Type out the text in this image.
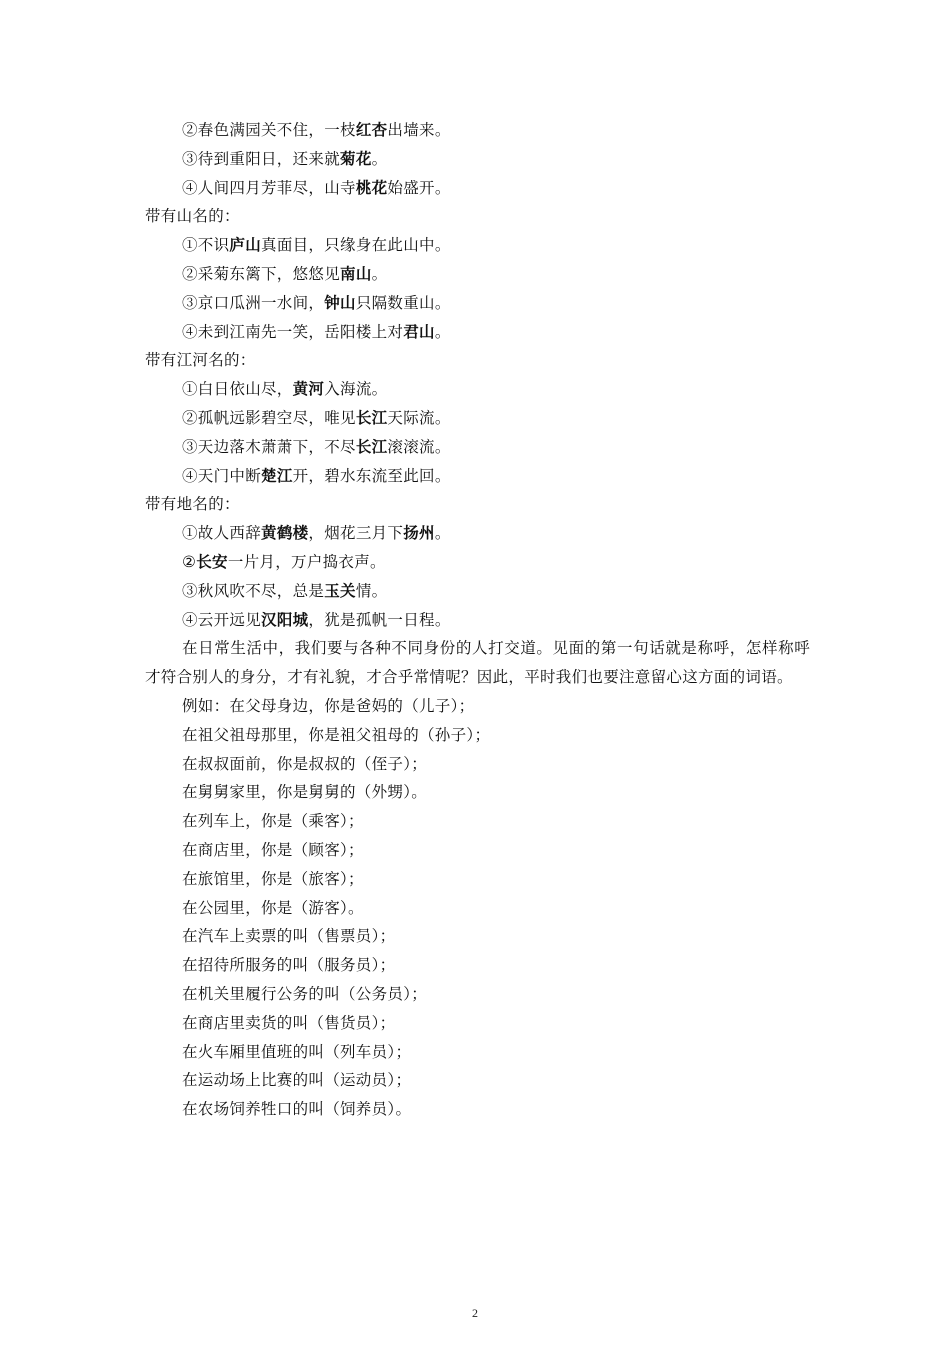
②春色满园关不住，一枝红杏出墙来。
③待到重阳日，还来就菊花。
④人间四月芳菲尽，山寺桃花始盛开。
带有山名的：
①不识庐山真面目，只缘身在此山中。
②采菊东篱下，悠悠见南山。
③京口瓜洲一水间，钟山只隔数重山。
④未到江南先一笑，岳阳楼上对君山。
带有江河名的：
①白日依山尽，黄河入海流。
②孤帆远影碧空尽，唯见长江天际流。
③天边落木萧萧下，不尽长江滚滚流。
④天门中断楚江开，碧水东流至此回。
带有地名的：
①故人西辞黄鹤楼，烟花三月下扬州。
②长安一片月，万户捣衣声。
③秋风吹不尽，总是玉关情。
④云开远见汉阳城，犹是孤帆一日程。
在日常生活中，我们要与各种不同身份的人打交道。见面的第一句话就是称呼，怎样称呼才符合别人的身分，才有礼貌，才合乎常情呢？因此，平时我们也要注意留心这方面的词语。
例如：在父母身边，你是爸妈的（儿子）；
在祖父祖母那里，你是祖父祖母的（孙子）；
在叔叔面前，你是叔叔的（侄子）；
在舅舅家里，你是舅舅的（外甥）。
在列车上，你是（乘客）；
在商店里，你是（顾客）；
在旅馆里，你是（旅客）；
在公园里，你是（游客）。
在汽车上卖票的叫（售票员）；
在招待所服务的叫（服务员）；
在机关里履行公务的叫（公务员）；
在商店里卖货的叫（售货员）；
在火车厢里值班的叫（列车员）；
在运动场上比赛的叫（运动员）；
在农场饲养牲口的叫（饲养员）。
2
